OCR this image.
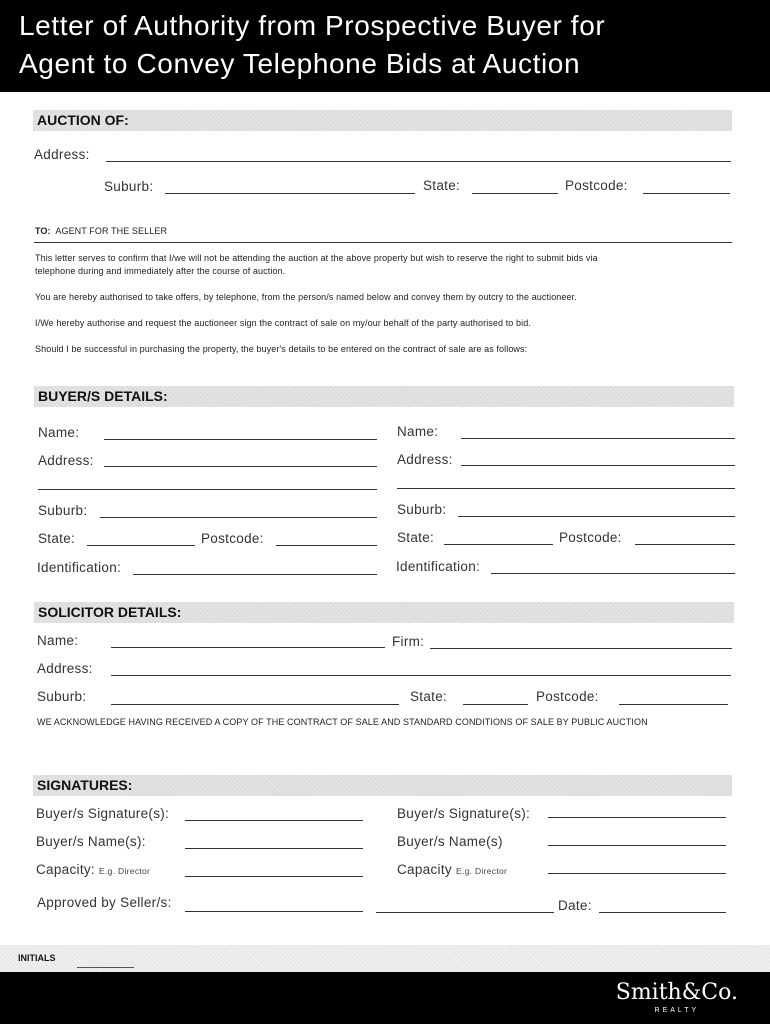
Letter of Authority from Prospective Buyer for
Agent to Convey Telephone Bids at Auction
AUCTION OF:
Address:
Suburb:	State:	Postcode:
TO: AGENT FOR THE SELLER
This letter serves to confirm that I/we will not be attending the auction at the above property but wish to reserve the right to submit bids via
telephone during and immediately after the course of auction.
You are hereby authorised to take offers, by telephone, from the person/s named below and convey them by outcry to the auctioneer.
I/We hereby authorise and request the auctioneer sign the contract of sale on my/our behalf of the party authorised to bid.
Should I be successful in purchasing the property, the buyer's details to be entered on the contract of sale are as follows:
BUYER/S DETAILS:
Name:
Address:
Suburb:
State:	Postcode:
Identification:
Name:
Address:
Suburb:
State:	Postcode:
Identification:
SOLICITOR DETAILS:
Name:	Firm:
Address:
Suburb:	State:	Postcode:
WE ACKNOWLEDGE HAVING RECEIVED A COPY OF THE CONTRACT OF SALE AND STANDARD CONDITIONS OF SALE BY PUBLIC AUCTION
SIGNATURES:
Buyer/s Signature(s):
Buyer/s Name(s):
Capacity: E.g. Director
Buyer/s Signature(s):
Buyer/s Name(s)
Capacity E.g. Director
Approved by Seller/s:	Date:
INITIALS
Smith&Co.
REALTY
